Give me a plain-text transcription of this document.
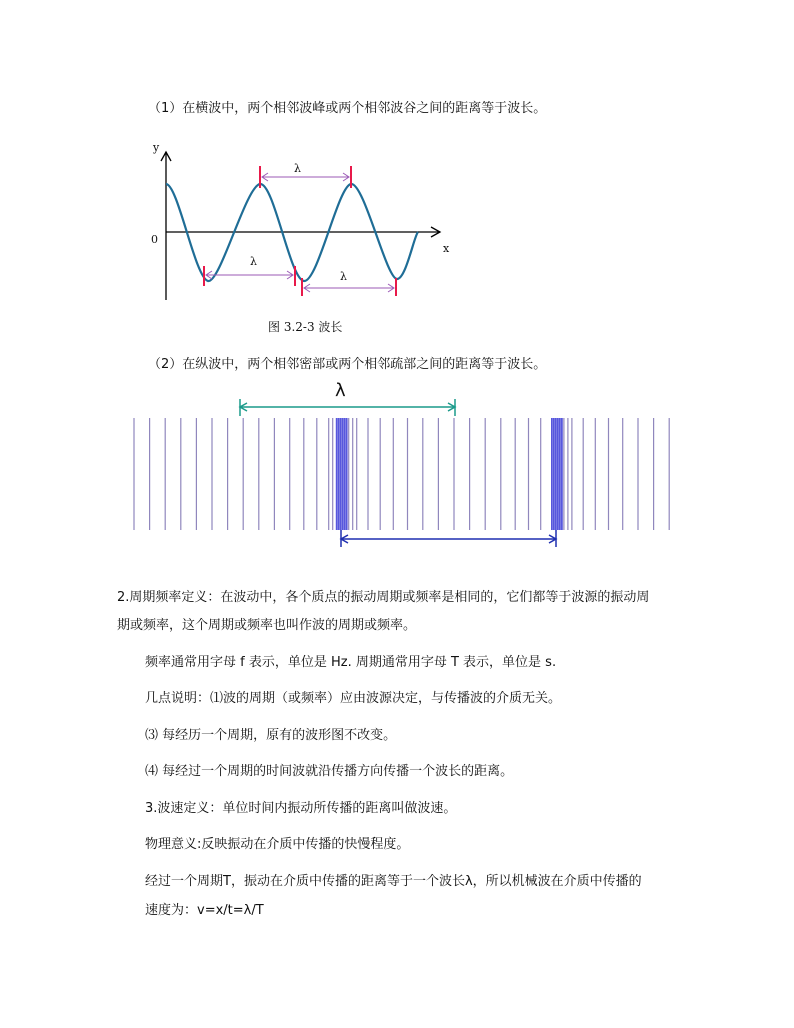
（1）在横波中，两个相邻波峰或两个相邻波谷之间的距离等于波长。
y
x
0
λ
λ
λ
图 3.2-3 波长
（2）在纵波中，两个相邻密部或两个相邻疏部之间的距离等于波长。
λ
2.周期频率定义：在波动中，各个质点的振动周期或频率是相同的，它们都等于波源的振动周
期或频率，这个周期或频率也叫作波的周期或频率。
频率通常用字母 f 表示，单位是 Hz. 周期通常用字母 T 表示，单位是 s.
几点说明：⑴波的周期（或频率）应由波源决定，与传播波的介质无关。
⑶ 每经历一个周期，原有的波形图不改变。
⑷ 每经过一个周期的时间波就沿传播方向传播一个波长的距离。
3.波速定义：单位时间内振动所传播的距离叫做波速。
物理意义:反映振动在介质中传播的快慢程度。
经过一个周期T，振动在介质中传播的距离等于一个波长λ，所以机械波在介质中传播的
速度为：v=x/t=λ/T
